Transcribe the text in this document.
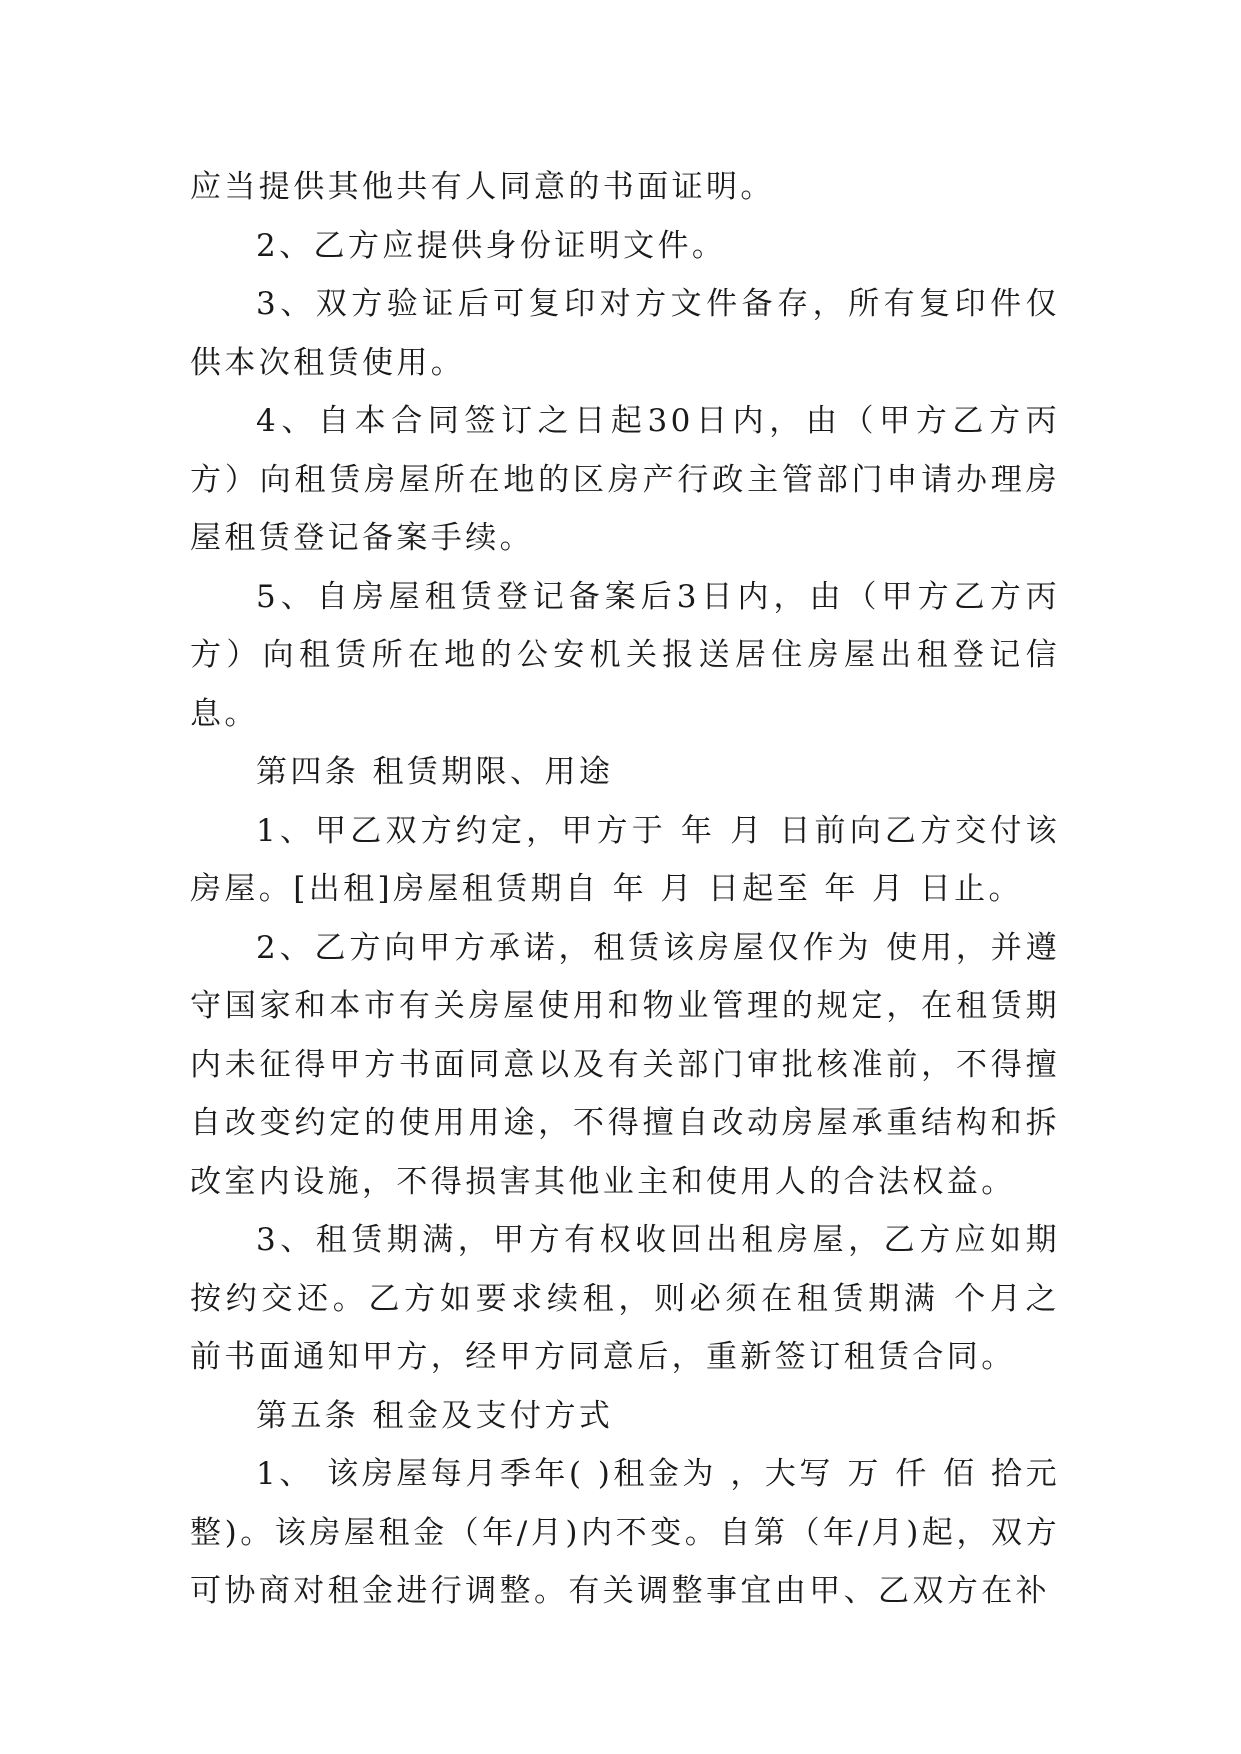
应当提供其他共有人同意的书面证明。

2、乙方应提供身份证明文件。

3、双方验证后可复印对方文件备存，所有复印件仅供本次租赁使用。

4、自本合同签订之日起30日内，由（甲方乙方丙方）向租赁房屋所在地的区房产行政主管部门申请办理房屋租赁登记备案手续。

5、自房屋租赁登记备案后3日内，由（甲方乙方丙方）向租赁所在地的公安机关报送居住房屋出租登记信息。

第四条 租赁期限、用途

1、甲乙双方约定，甲方于 年 月 日前向乙方交付该房屋。[出租]房屋租赁期自 年 月 日起至 年 月 日止。

2、乙方向甲方承诺，租赁该房屋仅作为 使用，并遵守国家和本市有关房屋使用和物业管理的规定，在租赁期内未征得甲方书面同意以及有关部门审批核准前，不得擅自改变约定的使用用途，不得擅自改动房屋承重结构和拆改室内设施，不得损害其他业主和使用人的合法权益。

3、租赁期满，甲方有权收回出租房屋，乙方应如期按约交还。乙方如要求续租，则必须在租赁期满 个月之前书面通知甲方，经甲方同意后，重新签订租赁合同。

第五条 租金及支付方式

1、 该房屋每月季年( )租金为 ，大写 万 仟 佰 拾元整)。该房屋租金（年/月)内不变。自第（年/月)起，双方可协商对租金进行调整。有关调整事宜由甲、乙双方在补
